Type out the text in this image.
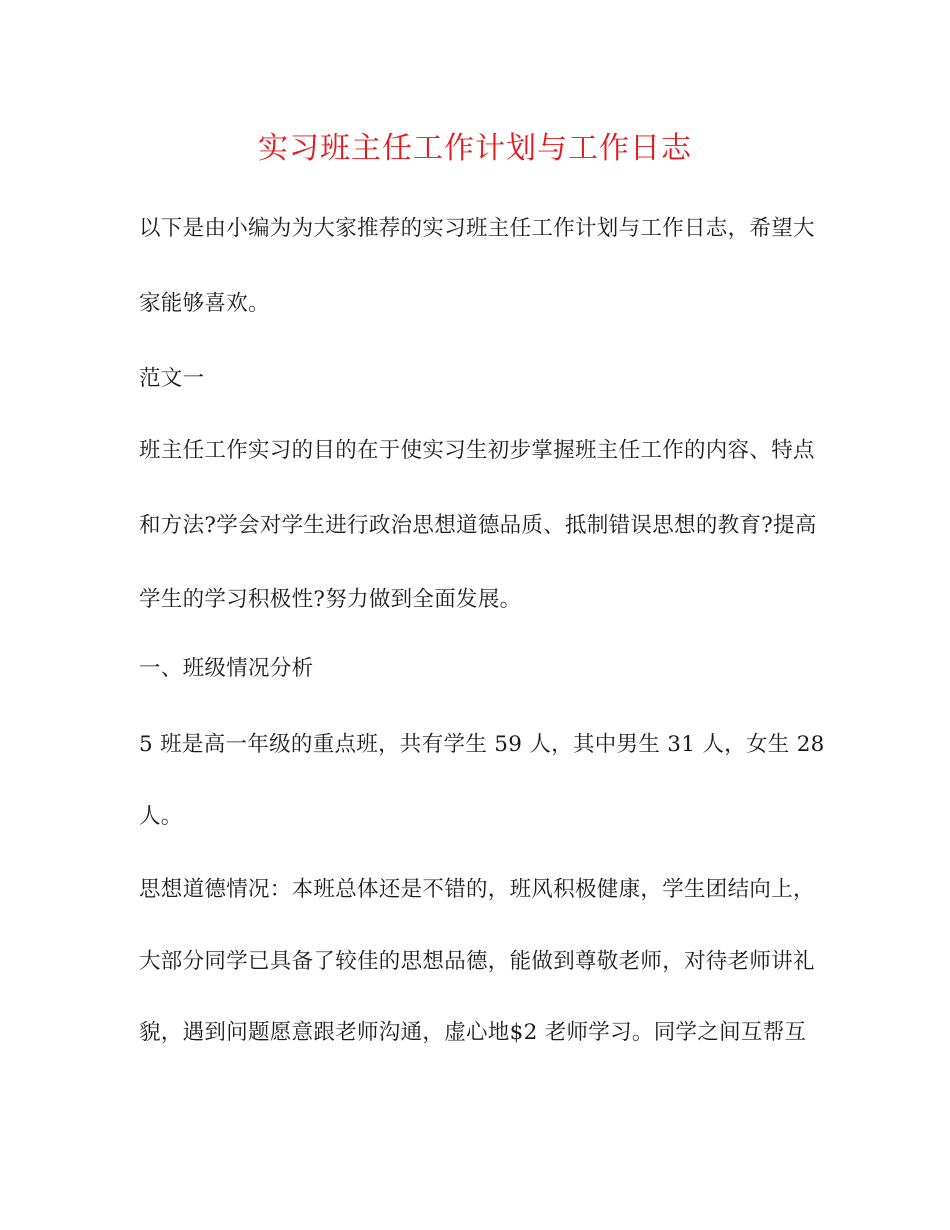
实习班主任工作计划与工作日志

以下是由小编为为大家推荐的实习班主任工作计划与工作日志，希望大

家能够喜欢。

范文一

班主任工作实习的目的在于使实习生初步掌握班主任工作的内容、特点

和方法?学会对学生进行政治思想道德品质、抵制错误思想的教育?提高

学生的学习积极性?努力做到全面发展。

一、班级情况分析

5 班是高一年级的重点班，共有学生 59 人，其中男生 31 人，女生 28

人。

思想道德情况：本班总体还是不错的，班风积极健康，学生团结向上，

大部分同学已具备了较佳的思想品德，能做到尊敬老师，对待老师讲礼

貌，遇到问题愿意跟老师沟通，虚心地$2 老师学习。同学之间互帮互
